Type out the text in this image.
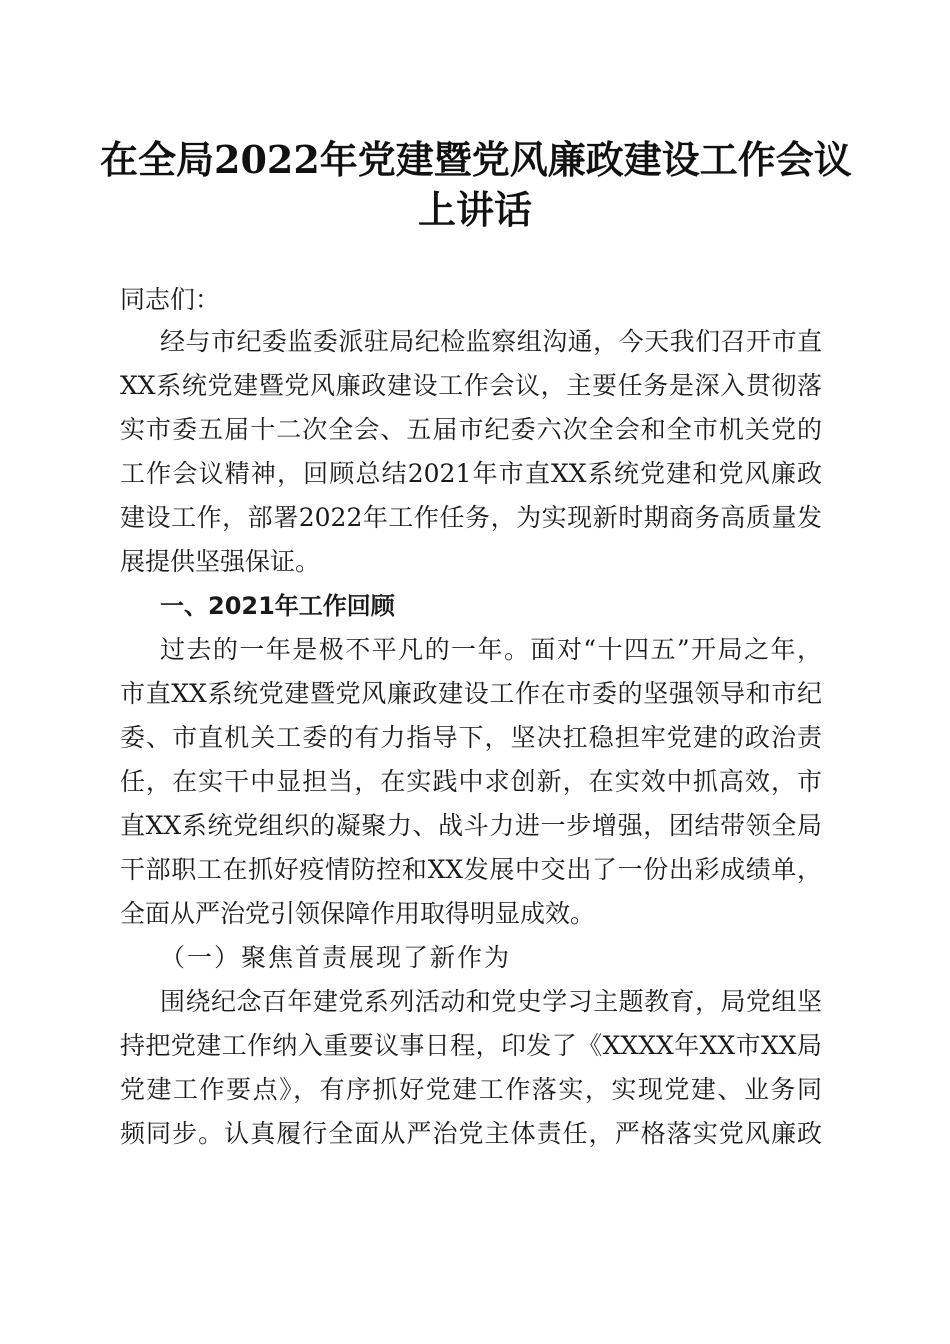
在全局2022年党建暨党风廉政建设工作会议
上讲话
同志们：
经与市纪委监委派驻局纪检监察组沟通，今天我们召开市直
XX系统党建暨党风廉政建设工作会议，主要任务是深入贯彻落
实市委五届十二次全会、五届市纪委六次全会和全市机关党的
工作会议精神，回顾总结2021年市直XX系统党建和党风廉政
建设工作，部署2022年工作任务，为实现新时期商务高质量发
展提供坚强保证。
一、2021年工作回顾
过去的一年是极不平凡的一年。面对“十四五”开局之年，
市直XX系统党建暨党风廉政建设工作在市委的坚强领导和市纪
委、市直机关工委的有力指导下，坚决扛稳担牢党建的政治责
任，在实干中显担当，在实践中求创新，在实效中抓高效，市
直XX系统党组织的凝聚力、战斗力进一步增强，团结带领全局
干部职工在抓好疫情防控和XX发展中交出了一份出彩成绩单，
全面从严治党引领保障作用取得明显成效。
（一）聚焦首责展现了新作为
围绕纪念百年建党系列活动和党史学习主题教育，局党组坚
持把党建工作纳入重要议事日程，印发了《XXXX年XX市XX局
党建工作要点》，有序抓好党建工作落实，实现党建、业务同
频同步。认真履行全面从严治党主体责任，严格落实党风廉政
